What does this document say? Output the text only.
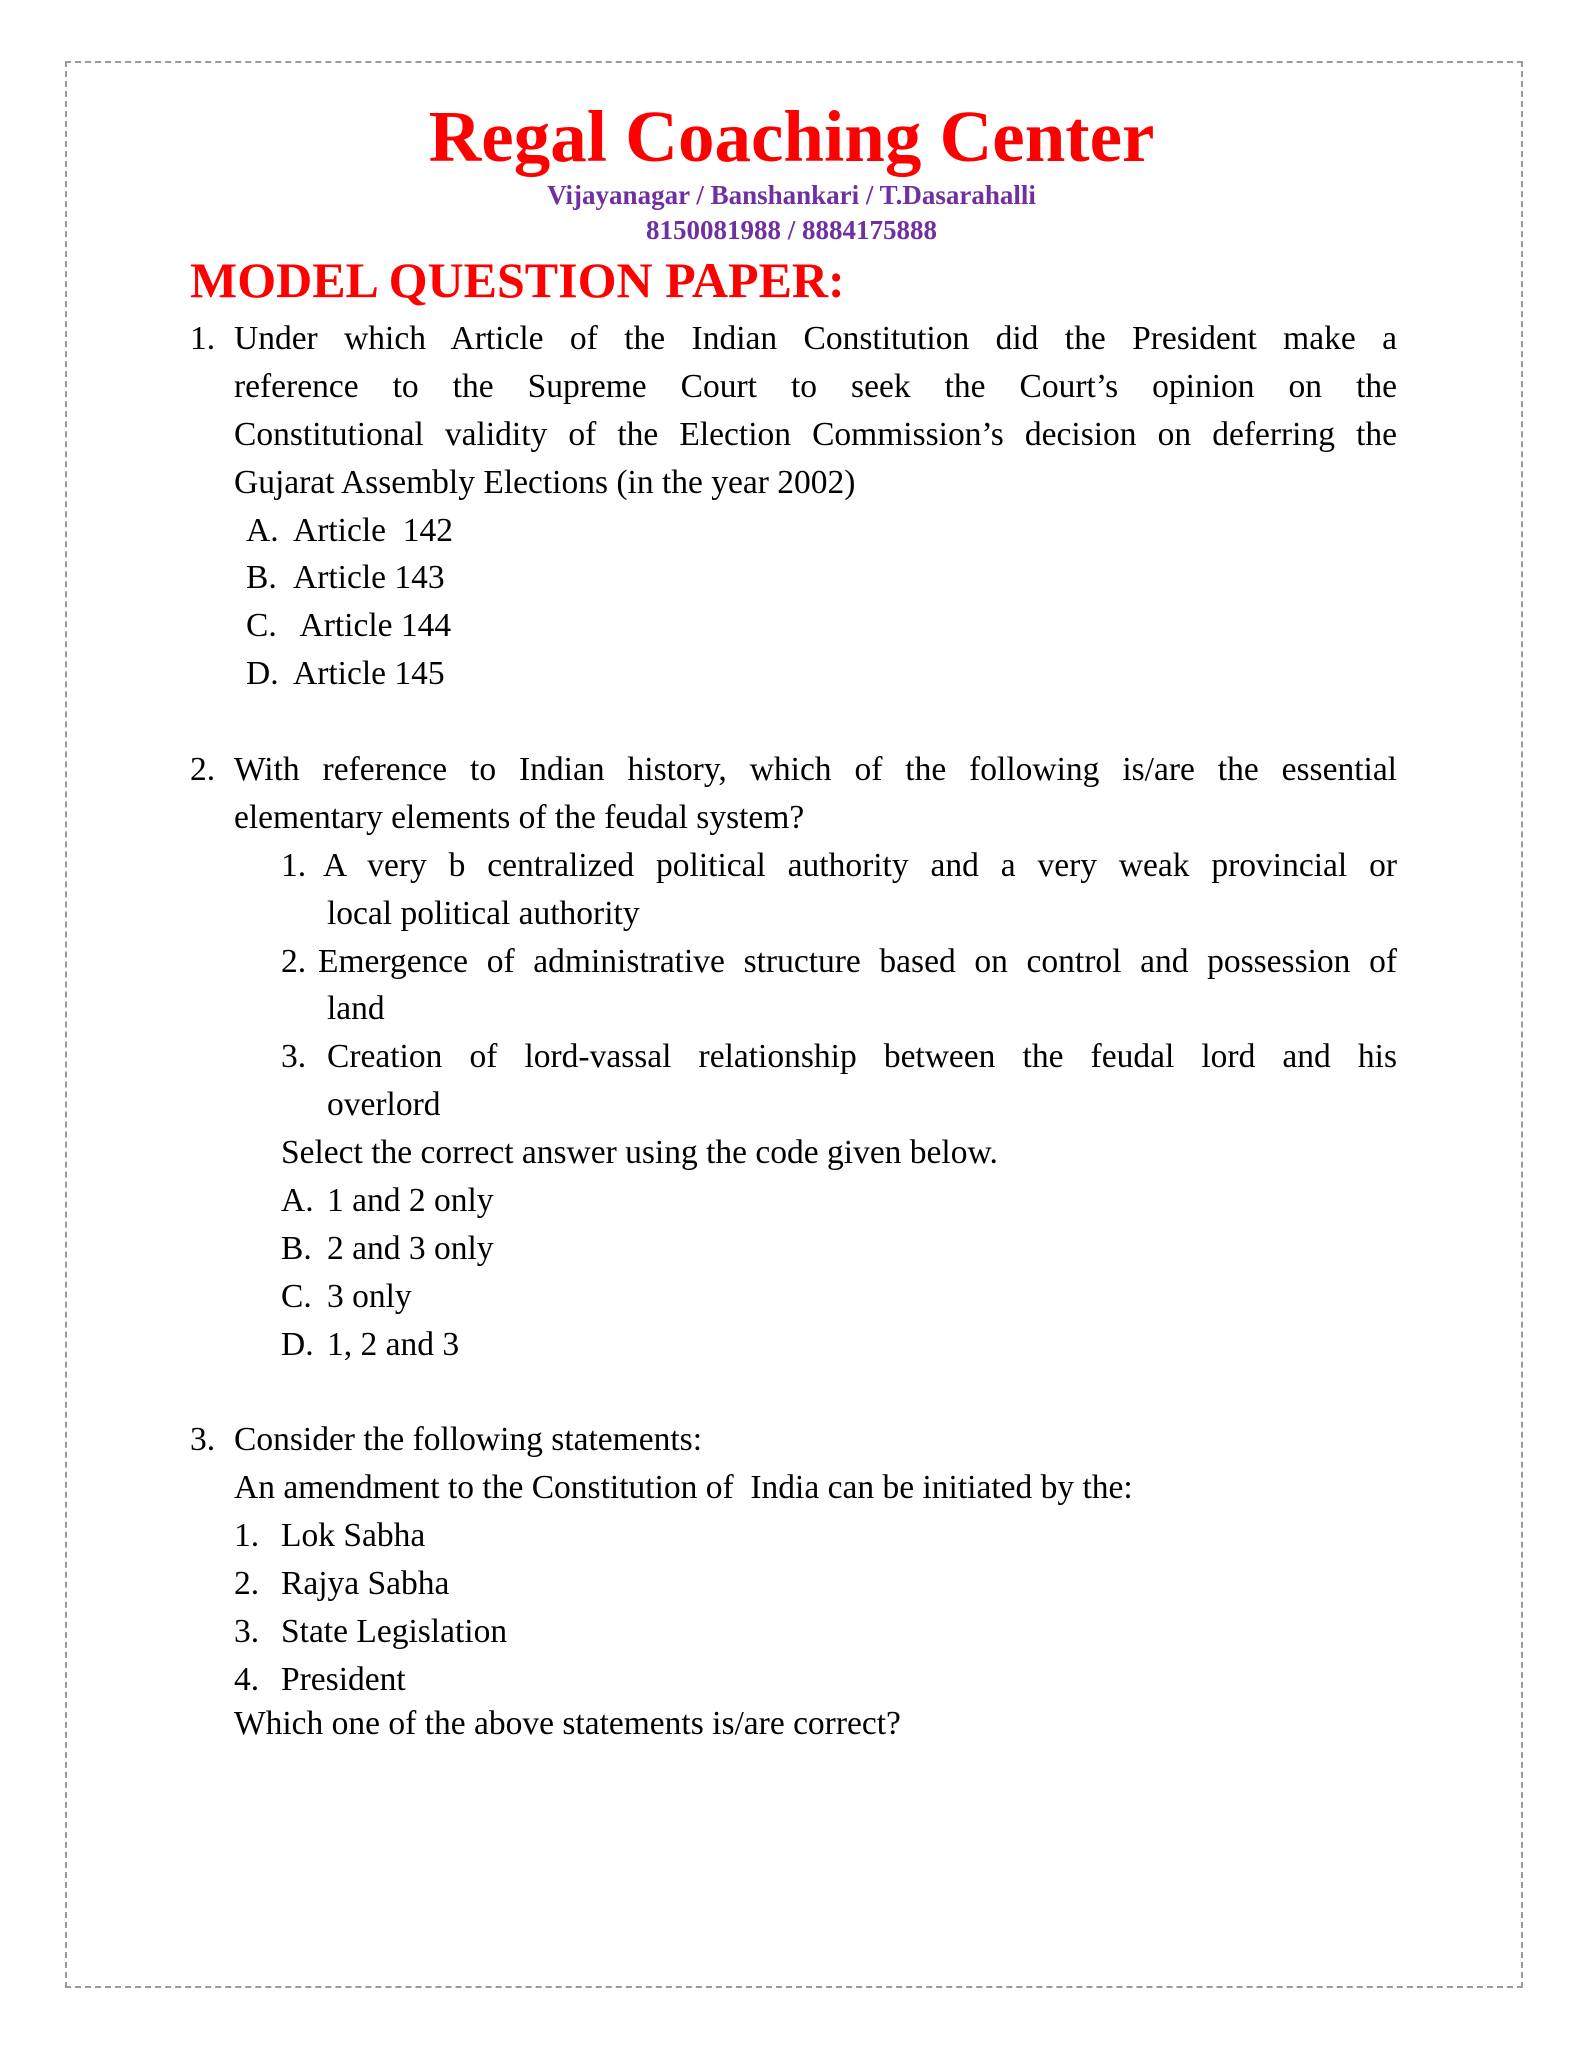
Regal Coaching Center
Vijayanagar / Banshankari / T.Dasarahalli
8150081988 / 8884175888
MODEL QUESTION PAPER:
1. Under which Article of the Indian Constitution did the President make a
reference to the Supreme Court to seek the Court’s opinion on the
Constitutional validity of the Election Commission’s decision on deferring the
Gujarat Assembly Elections (in the year 2002)
A. Article  142
B. Article 143
C. Article 144
D. Article 145
2. With reference to Indian history, which of the following is/are the essential
elementary elements of the feudal system?
1. A very b centralized political authority and a very weak provincial or
local political authority
2. Emergence of administrative structure based on control and possession of
land
3. Creation of lord-vassal relationship between the feudal lord and his
overlord
Select the correct answer using the code given below.
A. 1 and 2 only
B. 2 and 3 only
C. 3 only
D. 1, 2 and 3
3. Consider the following statements:
An amendment to the Constitution of  India can be initiated by the:
1. Lok Sabha
2. Rajya Sabha
3. State Legislation
4. President
Which one of the above statements is/are correct?
